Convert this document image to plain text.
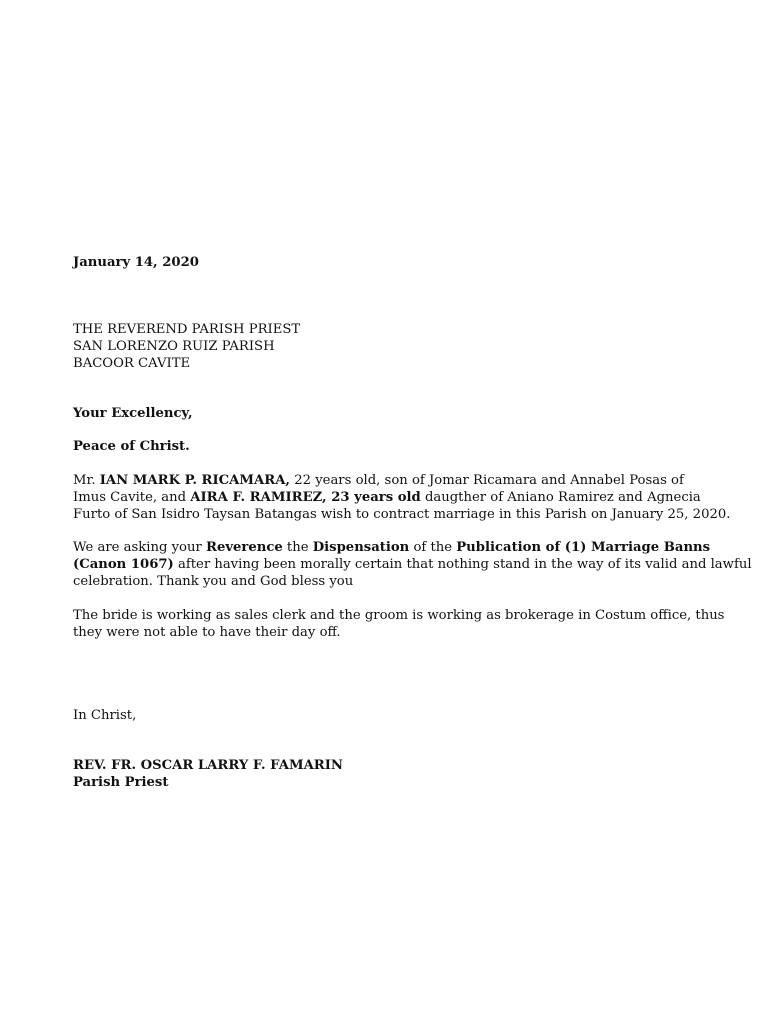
January 14, 2020
THE REVEREND PARISH PRIEST
SAN LORENZO RUIZ PARISH
BACOOR CAVITE
Your Excellency,
Peace of Christ.
Mr. IAN MARK P. RICAMARA, 22 years old, son of Jomar Ricamara and Annabel Posas of
Imus Cavite, and AIRA F. RAMIREZ, 23 years old daugther of Aniano Ramirez and Agnecia
Furto of San Isidro Taysan Batangas wish to contract marriage in this Parish on January 25, 2020.
We are asking your Reverence the Dispensation of the Publication of (1) Marriage Banns
(Canon 1067) after having been morally certain that nothing stand in the way of its valid and lawful
celebration. Thank you and God bless you
The bride is working as sales clerk and the groom is working as brokerage in Costum office, thus
they were not able to have their day off.
In Christ,
REV. FR. OSCAR LARRY F. FAMARIN
Parish Priest
